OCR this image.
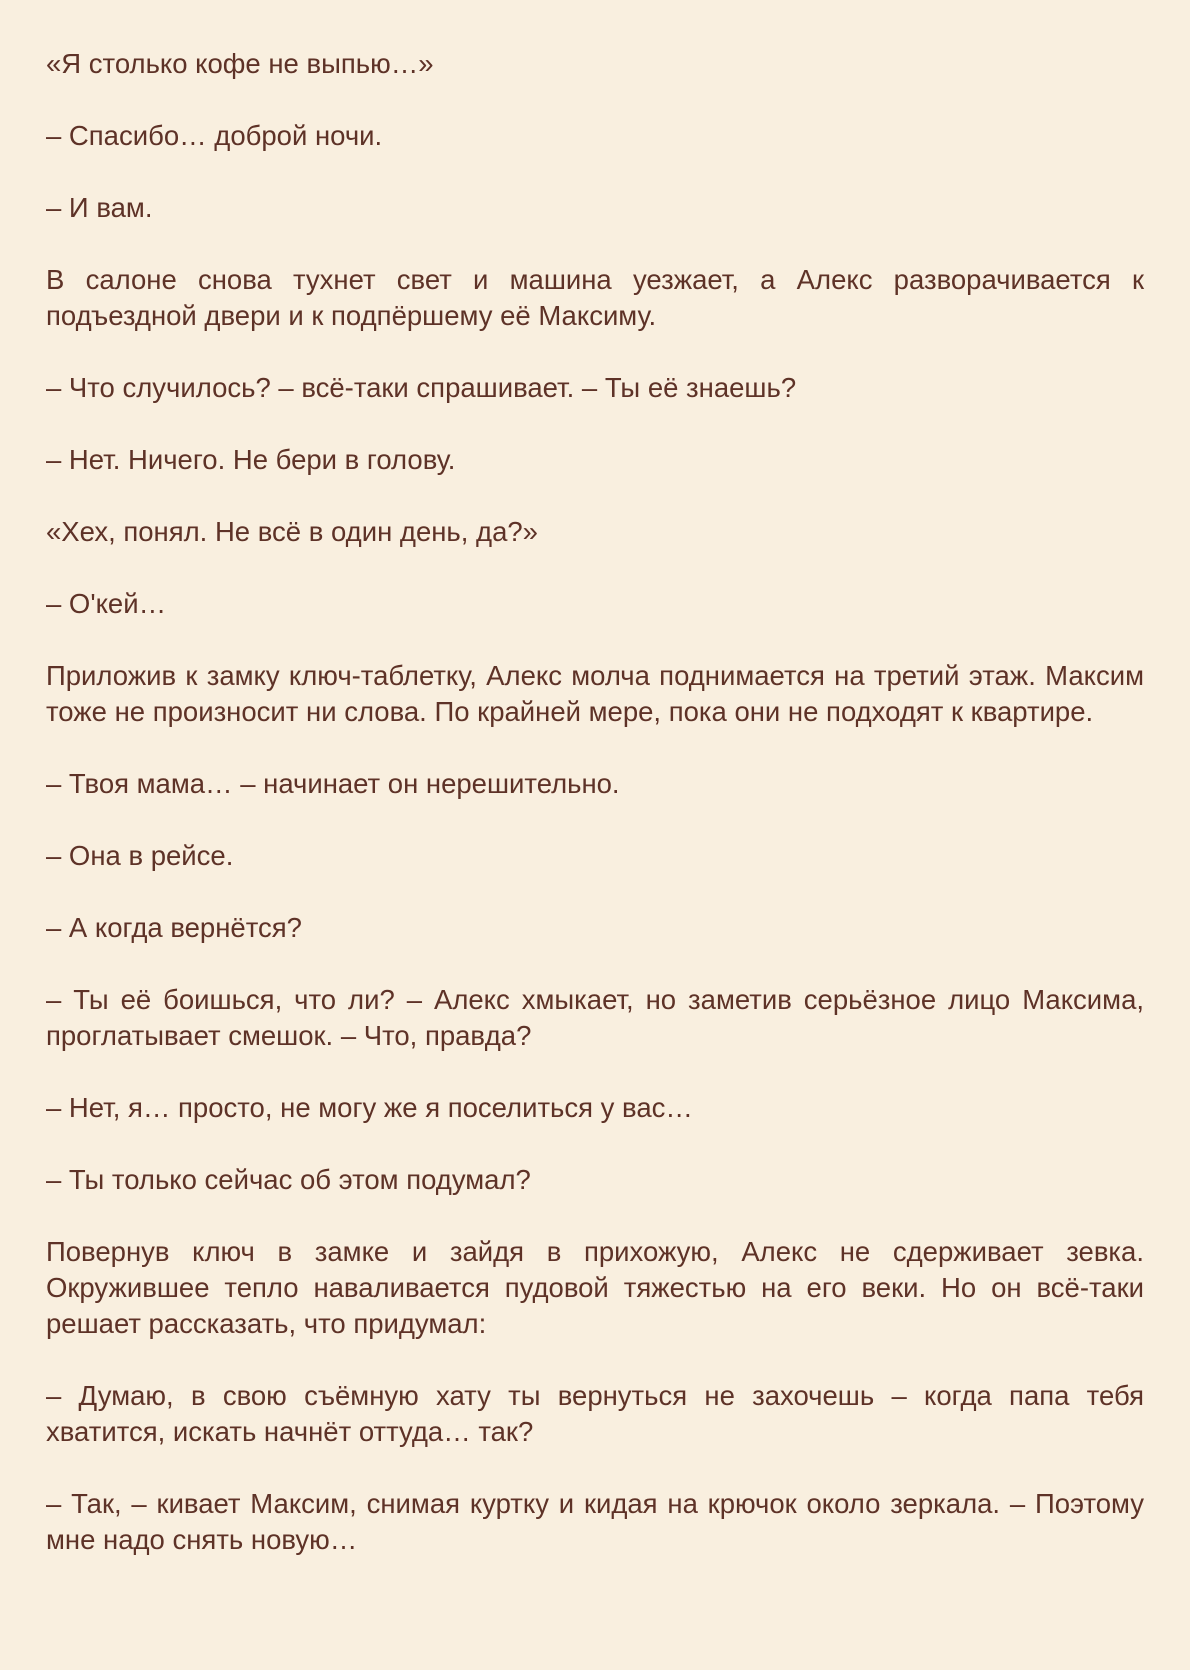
«Я столько кофе не выпью…»

– Спасибо… доброй ночи.

– И вам.

В салоне снова тухнет свет и машина уезжает, а Алекс разворачивается к подъездной двери и к подпёршему её Максиму.

– Что случилось? – всё-таки спрашивает. – Ты её знаешь?

– Нет. Ничего. Не бери в голову.

«Хех, понял. Не всё в один день, да?»

– О'кей…

Приложив к замку ключ-таблетку, Алекс молча поднимается на третий этаж. Максим тоже не произносит ни слова. По крайней мере, пока они не подходят к квартире.

– Твоя мама… – начинает он нерешительно.

– Она в рейсе.

– А когда вернётся?

– Ты её боишься, что ли? – Алекс хмыкает, но заметив серьёзное лицо Максима, проглатывает смешок. – Что, правда?

– Нет, я… просто, не могу же я поселиться у вас…

– Ты только сейчас об этом подумал?

Повернув ключ в замке и зайдя в прихожую, Алекс не сдерживает зевка. Окружившее тепло наваливается пудовой тяжестью на его веки. Но он всё-таки решает рассказать, что придумал:

– Думаю, в свою съёмную хату ты вернуться не захочешь – когда папа тебя хватится, искать начнёт оттуда… так?

– Так, – кивает Максим, снимая куртку и кидая на крючок около зеркала. – Поэтому мне надо снять новую…
